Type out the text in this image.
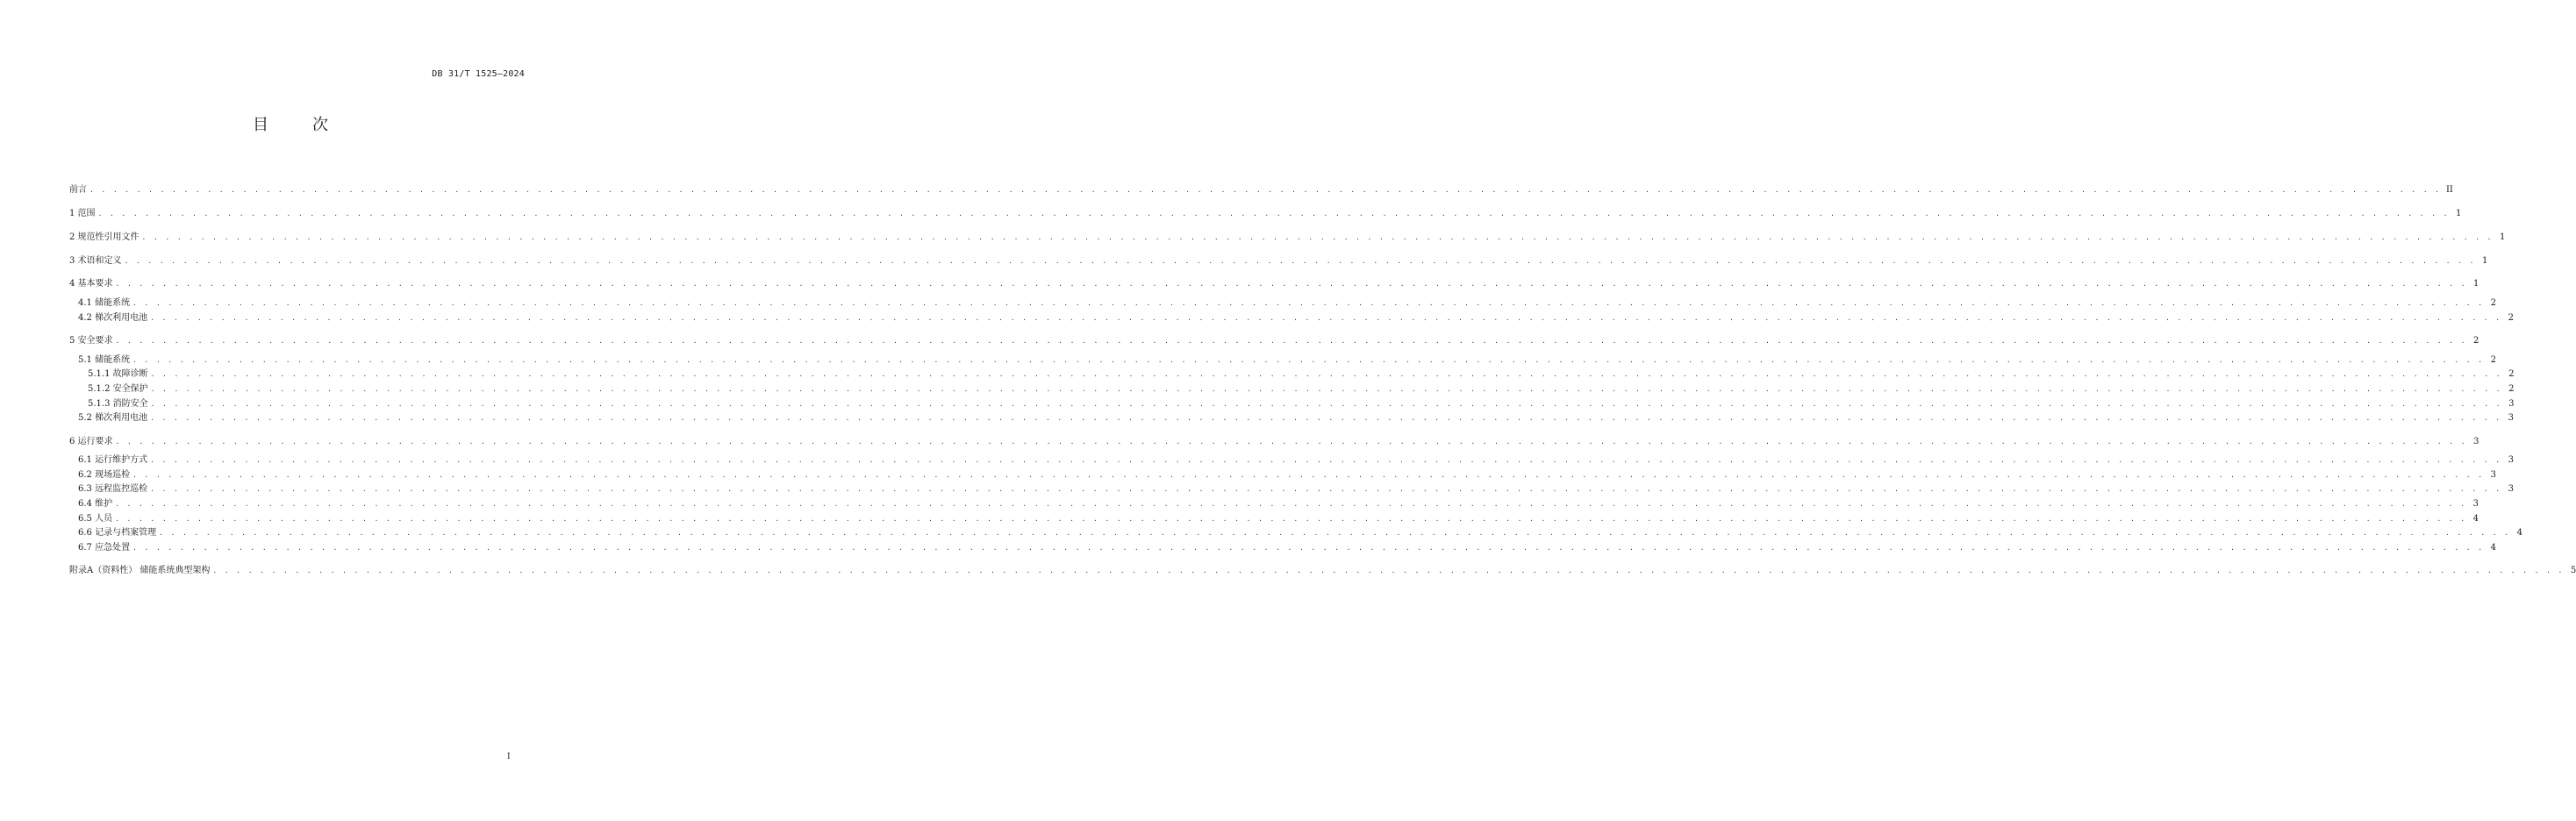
DB 31/T 1525—2024
目　次
前言 . . . . . . . . . . . . . . . . . . . . . . . . . . . . . . . . . . . . . . . . . . . . . . . . . . . . . . . . . . . . . . . . . . . . . . . . . . . . . . . . . . . . . . . . . . . . . . . . . . . . . . . . . . . . . . . . . . . . . . . . . . . . . . . . . . . . . . . . . . . . . . . . . . . . . . . . . . . . . . . . . . . . . . . . . . . . . . . . . . . . . . . . . . . . . . . . . . . . . . . . II
1 范围 . . . . . . . . . . . . . . . . . . . . . . . . . . . . . . . . . . . . . . . . . . . . . . . . . . . . . . . . . . . . . . . . . . . . . . . . . . . . . . . . . . . . . . . . . . . . . . . . . . . . . . . . . . . . . . . . . . . . . . . . . . . . . . . . . . . . . . . . . . . . . . . . . . . . . . . . . . . . . . . . . . . . . . . . . . . . . . . . . . . . . . . . . . . . . . . . . . . . . . . . 1
2 规范性引用文件 . . . . . . . . . . . . . . . . . . . . . . . . . . . . . . . . . . . . . . . . . . . . . . . . . . . . . . . . . . . . . . . . . . . . . . . . . . . . . . . . . . . . . . . . . . . . . . . . . . . . . . . . . . . . . . . . . . . . . . . . . . . . . . . . . . . . . . . . . . . . . . . . . . . . . . . . . . . . . . . . . . . . . . . . . . . . . . . . . . . . . . . . . . . . . . . . . . . . . . . . 1
3 术语和定义 . . . . . . . . . . . . . . . . . . . . . . . . . . . . . . . . . . . . . . . . . . . . . . . . . . . . . . . . . . . . . . . . . . . . . . . . . . . . . . . . . . . . . . . . . . . . . . . . . . . . . . . . . . . . . . . . . . . . . . . . . . . . . . . . . . . . . . . . . . . . . . . . . . . . . . . . . . . . . . . . . . . . . . . . . . . . . . . . . . . . . . . . . . . . . . . . . . . . . . . . 1
4 基本要求 . . . . . . . . . . . . . . . . . . . . . . . . . . . . . . . . . . . . . . . . . . . . . . . . . . . . . . . . . . . . . . . . . . . . . . . . . . . . . . . . . . . . . . . . . . . . . . . . . . . . . . . . . . . . . . . . . . . . . . . . . . . . . . . . . . . . . . . . . . . . . . . . . . . . . . . . . . . . . . . . . . . . . . . . . . . . . . . . . . . . . . . . . . . . . . . . . . . . . . . . 1
4.1 储能系统 . . . . . . . . . . . . . . . . . . . . . . . . . . . . . . . . . . . . . . . . . . . . . . . . . . . . . . . . . . . . . . . . . . . . . . . . . . . . . . . . . . . . . . . . . . . . . . . . . . . . . . . . . . . . . . . . . . . . . . . . . . . . . . . . . . . . . . . . . . . . . . . . . . . . . . . . . . . . . . . . . . . . . . . . . . . . . . . . . . . . . . . . . . . . . . . . . . . . . . . . 2
4.2 梯次利用电池 . . . . . . . . . . . . . . . . . . . . . . . . . . . . . . . . . . . . . . . . . . . . . . . . . . . . . . . . . . . . . . . . . . . . . . . . . . . . . . . . . . . . . . . . . . . . . . . . . . . . . . . . . . . . . . . . . . . . . . . . . . . . . . . . . . . . . . . . . . . . . . . . . . . . . . . . . . . . . . . . . . . . . . . . . . . . . . . . . . . . . . . . . . . . . . . . . . . . . . . . 2
5 安全要求 . . . . . . . . . . . . . . . . . . . . . . . . . . . . . . . . . . . . . . . . . . . . . . . . . . . . . . . . . . . . . . . . . . . . . . . . . . . . . . . . . . . . . . . . . . . . . . . . . . . . . . . . . . . . . . . . . . . . . . . . . . . . . . . . . . . . . . . . . . . . . . . . . . . . . . . . . . . . . . . . . . . . . . . . . . . . . . . . . . . . . . . . . . . . . . . . . . . . . . . . 2
5.1 储能系统 . . . . . . . . . . . . . . . . . . . . . . . . . . . . . . . . . . . . . . . . . . . . . . . . . . . . . . . . . . . . . . . . . . . . . . . . . . . . . . . . . . . . . . . . . . . . . . . . . . . . . . . . . . . . . . . . . . . . . . . . . . . . . . . . . . . . . . . . . . . . . . . . . . . . . . . . . . . . . . . . . . . . . . . . . . . . . . . . . . . . . . . . . . . . . . . . . . . . . . . . 2
5.1.1 故障诊断 . . . . . . . . . . . . . . . . . . . . . . . . . . . . . . . . . . . . . . . . . . . . . . . . . . . . . . . . . . . . . . . . . . . . . . . . . . . . . . . . . . . . . . . . . . . . . . . . . . . . . . . . . . . . . . . . . . . . . . . . . . . . . . . . . . . . . . . . . . . . . . . . . . . . . . . . . . . . . . . . . . . . . . . . . . . . . . . . . . . . . . . . . . . . . . . . . . . . . . . . 2
5.1.2 安全保护 . . . . . . . . . . . . . . . . . . . . . . . . . . . . . . . . . . . . . . . . . . . . . . . . . . . . . . . . . . . . . . . . . . . . . . . . . . . . . . . . . . . . . . . . . . . . . . . . . . . . . . . . . . . . . . . . . . . . . . . . . . . . . . . . . . . . . . . . . . . . . . . . . . . . . . . . . . . . . . . . . . . . . . . . . . . . . . . . . . . . . . . . . . . . . . . . . . . . . . . . 2
5.1.3 消防安全 . . . . . . . . . . . . . . . . . . . . . . . . . . . . . . . . . . . . . . . . . . . . . . . . . . . . . . . . . . . . . . . . . . . . . . . . . . . . . . . . . . . . . . . . . . . . . . . . . . . . . . . . . . . . . . . . . . . . . . . . . . . . . . . . . . . . . . . . . . . . . . . . . . . . . . . . . . . . . . . . . . . . . . . . . . . . . . . . . . . . . . . . . . . . . . . . . . . . . . . . 3
5.2 梯次利用电池 . . . . . . . . . . . . . . . . . . . . . . . . . . . . . . . . . . . . . . . . . . . . . . . . . . . . . . . . . . . . . . . . . . . . . . . . . . . . . . . . . . . . . . . . . . . . . . . . . . . . . . . . . . . . . . . . . . . . . . . . . . . . . . . . . . . . . . . . . . . . . . . . . . . . . . . . . . . . . . . . . . . . . . . . . . . . . . . . . . . . . . . . . . . . . . . . . . . . . . . . 3
6 运行要求 . . . . . . . . . . . . . . . . . . . . . . . . . . . . . . . . . . . . . . . . . . . . . . . . . . . . . . . . . . . . . . . . . . . . . . . . . . . . . . . . . . . . . . . . . . . . . . . . . . . . . . . . . . . . . . . . . . . . . . . . . . . . . . . . . . . . . . . . . . . . . . . . . . . . . . . . . . . . . . . . . . . . . . . . . . . . . . . . . . . . . . . . . . . . . . . . . . . . . . . . 3
6.1 运行维护方式 . . . . . . . . . . . . . . . . . . . . . . . . . . . . . . . . . . . . . . . . . . . . . . . . . . . . . . . . . . . . . . . . . . . . . . . . . . . . . . . . . . . . . . . . . . . . . . . . . . . . . . . . . . . . . . . . . . . . . . . . . . . . . . . . . . . . . . . . . . . . . . . . . . . . . . . . . . . . . . . . . . . . . . . . . . . . . . . . . . . . . . . . . . . . . . . . . . . . . . . . 3
6.2 现场巡检 . . . . . . . . . . . . . . . . . . . . . . . . . . . . . . . . . . . . . . . . . . . . . . . . . . . . . . . . . . . . . . . . . . . . . . . . . . . . . . . . . . . . . . . . . . . . . . . . . . . . . . . . . . . . . . . . . . . . . . . . . . . . . . . . . . . . . . . . . . . . . . . . . . . . . . . . . . . . . . . . . . . . . . . . . . . . . . . . . . . . . . . . . . . . . . . . . . . . . . . . 3
6.3 远程监控巡检 . . . . . . . . . . . . . . . . . . . . . . . . . . . . . . . . . . . . . . . . . . . . . . . . . . . . . . . . . . . . . . . . . . . . . . . . . . . . . . . . . . . . . . . . . . . . . . . . . . . . . . . . . . . . . . . . . . . . . . . . . . . . . . . . . . . . . . . . . . . . . . . . . . . . . . . . . . . . . . . . . . . . . . . . . . . . . . . . . . . . . . . . . . . . . . . . . . . . . . . . 3
6.4 维护 . . . . . . . . . . . . . . . . . . . . . . . . . . . . . . . . . . . . . . . . . . . . . . . . . . . . . . . . . . . . . . . . . . . . . . . . . . . . . . . . . . . . . . . . . . . . . . . . . . . . . . . . . . . . . . . . . . . . . . . . . . . . . . . . . . . . . . . . . . . . . . . . . . . . . . . . . . . . . . . . . . . . . . . . . . . . . . . . . . . . . . . . . . . . . . . . . . . . . . . . 3
6.5 人员 . . . . . . . . . . . . . . . . . . . . . . . . . . . . . . . . . . . . . . . . . . . . . . . . . . . . . . . . . . . . . . . . . . . . . . . . . . . . . . . . . . . . . . . . . . . . . . . . . . . . . . . . . . . . . . . . . . . . . . . . . . . . . . . . . . . . . . . . . . . . . . . . . . . . . . . . . . . . . . . . . . . . . . . . . . . . . . . . . . . . . . . . . . . . . . . . . . . . . . . . 4
6.6 记录与档案管理 . . . . . . . . . . . . . . . . . . . . . . . . . . . . . . . . . . . . . . . . . . . . . . . . . . . . . . . . . . . . . . . . . . . . . . . . . . . . . . . . . . . . . . . . . . . . . . . . . . . . . . . . . . . . . . . . . . . . . . . . . . . . . . . . . . . . . . . . . . . . . . . . . . . . . . . . . . . . . . . . . . . . . . . . . . . . . . . . . . . . . . . . . . . . . . . . . . . . . . . . 4
6.7 应急处置 . . . . . . . . . . . . . . . . . . . . . . . . . . . . . . . . . . . . . . . . . . . . . . . . . . . . . . . . . . . . . . . . . . . . . . . . . . . . . . . . . . . . . . . . . . . . . . . . . . . . . . . . . . . . . . . . . . . . . . . . . . . . . . . . . . . . . . . . . . . . . . . . . . . . . . . . . . . . . . . . . . . . . . . . . . . . . . . . . . . . . . . . . . . . . . . . . . . . . . . . 4
附录A（资料性） 储能系统典型架构 . . . . . . . . . . . . . . . . . . . . . . . . . . . . . . . . . . . . . . . . . . . . . . . . . . . . . . . . . . . . . . . . . . . . . . . . . . . . . . . . . . . . . . . . . . . . . . . . . . . . . . . . . . . . . . . . . . . . . . . . . . . . . . . . . . . . . . . . . . . . . . . . . . . . . . . . . . . . . . . . . . . . . . . . . . . . . . . . . . . . . . . . . . . . . . . . . . . . . . . . 5
I
